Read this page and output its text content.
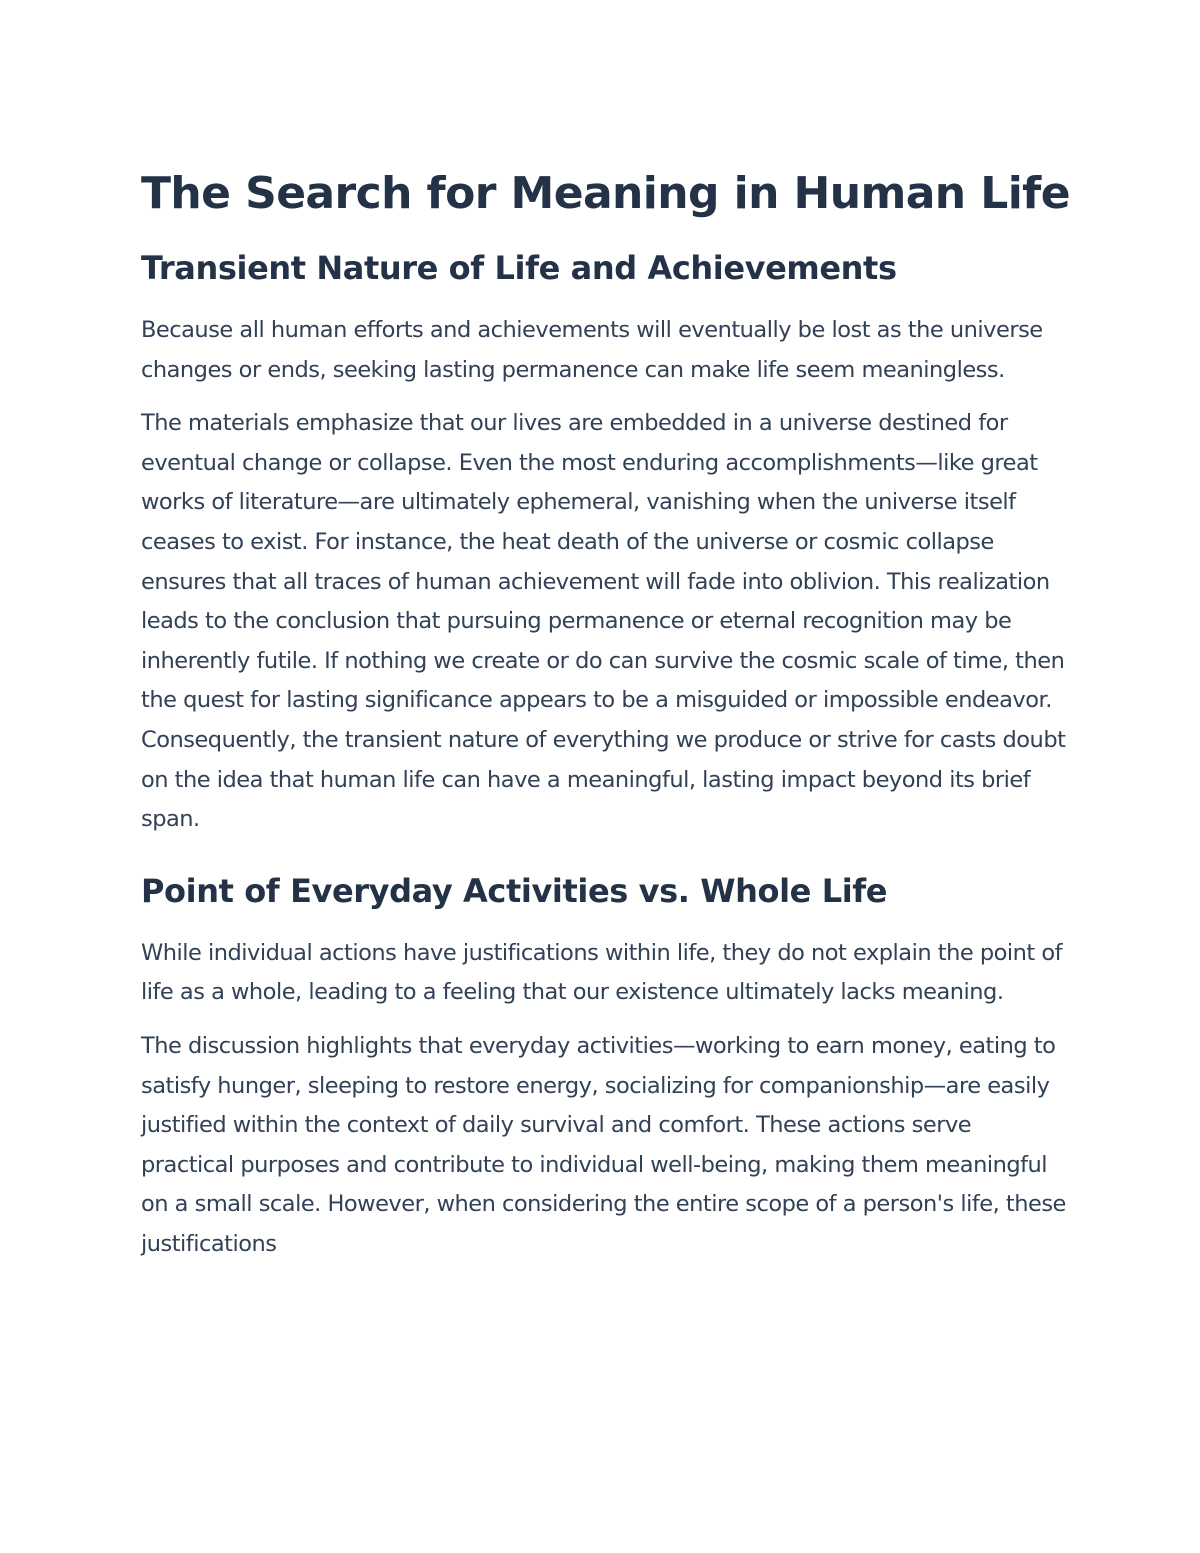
The Search for Meaning in Human Life
Transient Nature of Life and Achievements

Because all human efforts and achievements will eventually be lost as the universe changes or ends, seeking lasting permanence can make life seem meaningless.

The materials emphasize that our lives are embedded in a universe destined for eventual change or collapse. Even the most enduring accomplishments—like great works of literature—are ultimately ephemeral, vanishing when the universe itself ceases to exist. For instance, the heat death of the universe or cosmic collapse ensures that all traces of human achievement will fade into oblivion. This realization leads to the conclusion that pursuing permanence or eternal recognition may be inherently futile. If nothing we create or do can survive the cosmic scale of time, then the quest for lasting significance appears to be a misguided or impossible endeavor. Consequently, the transient nature of everything we produce or strive for casts doubt on the idea that human life can have a meaningful, lasting impact beyond its brief span.

Point of Everyday Activities vs. Whole Life

While individual actions have justifications within life, they do not explain the point of life as a whole, leading to a feeling that our existence ultimately lacks meaning.

The discussion highlights that everyday activities—working to earn money, eating to satisfy hunger, sleeping to restore energy, socializing for companionship—are easily justified within the context of daily survival and comfort. These actions serve practical purposes and contribute to individual well-being, making them meaningful on a small scale. However, when considering the entire scope of a person's life, these justifications
